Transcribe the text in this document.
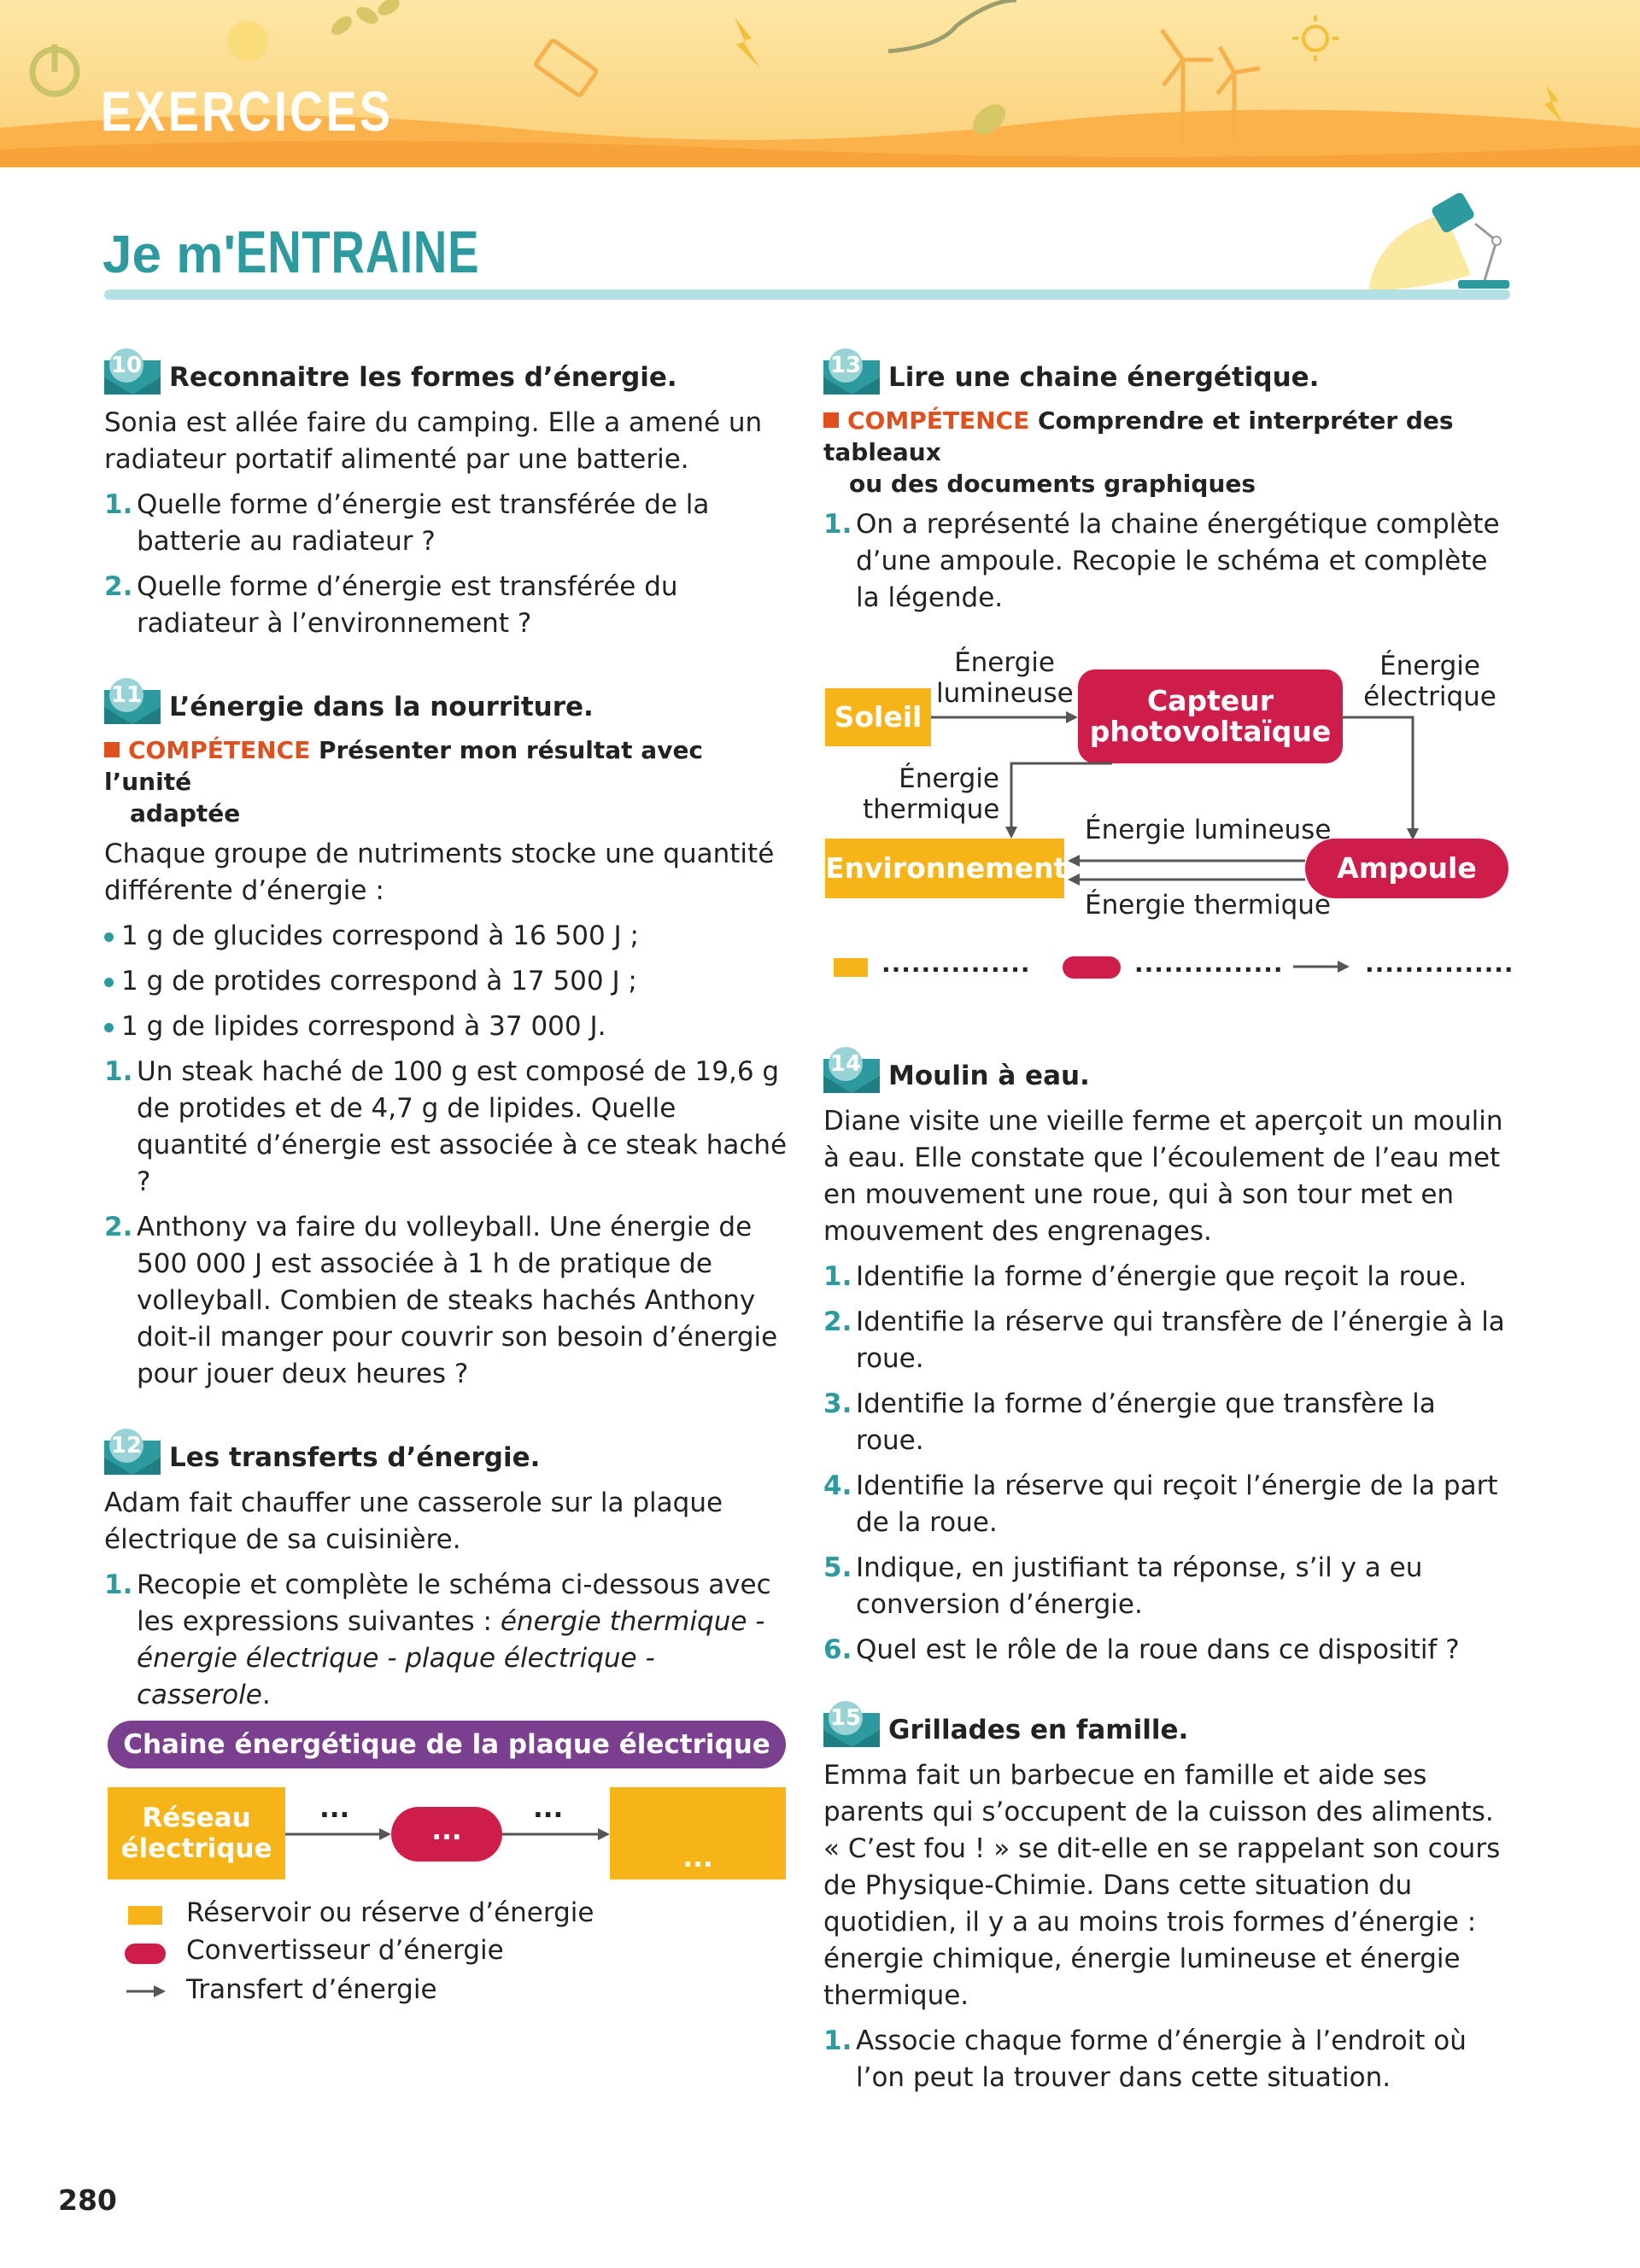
EXERCICES
Je m'ENTRAINE
10 Reconnaitre les formes d’énergie.

Sonia est allée faire du camping. Elle a amené un radiateur portatif alimenté par une batterie.

1. Quelle forme d’énergie est transférée de la batterie au radiateur ?
2. Quelle forme d’énergie est transférée du radiateur à l’environnement ?
11 L’énergie dans la nourriture.
COMPÉTENCE Présenter mon résultat avec l’unité
adaptée

Chaque groupe de nutriments stocke une quantité différente d’énergie :

1 g de glucides correspond à 16 500 J ;
1 g de protides correspond à 17 500 J ;
1 g de lipides correspond à 37 000 J.
1. Un steak haché de 100 g est composé de 19,6 g de protides et de 4,7 g de lipides. Quelle quantité d’énergie est associée à ce steak haché ?
2. Anthony va faire du volleyball. Une énergie de 500 000 J est associée à 1 h de pratique de volleyball. Combien de steaks hachés Anthony doit-il manger pour couvrir son besoin d’énergie pour jouer deux heures ?
12 Les transferts d’énergie.

Adam fait chauffer une casserole sur la plaque électrique de sa cuisinière.

1. Recopie et complète le schéma ci-dessous avec les expressions suivantes : énergie thermique - énergie électrique - plaque électrique - casserole.
Chaine énergétique de la plaque électrique
Réseau électrique
...
...
...	...
Réservoir ou réserve d’énergie
Convertisseur d’énergie
Transfert d’énergie
13 Lire une chaine énergétique.
COMPÉTENCE Comprendre et interpréter des tableaux
ou des documents graphiques
1. On a représenté la chaine énergétique complète d’une ampoule. Recopie le schéma et complète la légende.
Soleil	Capteur
photovoltaïque
Environnement	Ampoule
Énergie
lumineuse
Énergie
électrique
Énergie
thermique
Énergie lumineuse
Énergie thermique
...............	...............	...............
14 Moulin à eau.

Diane visite une vieille ferme et aperçoit un moulin à eau. Elle constate que l’écoulement de l’eau met en mouvement une roue, qui à son tour met en mouvement des engrenages.

1. Identifie la forme d’énergie que reçoit la roue.
2. Identifie la réserve qui transfère de l’énergie à la roue.
3. Identifie la forme d’énergie que transfère la roue.
4. Identifie la réserve qui reçoit l’énergie de la part de la roue.
5. Indique, en justifiant ta réponse, s’il y a eu conversion d’énergie.
6. Quel est le rôle de la roue dans ce dispositif ?
15 Grillades en famille.

Emma fait un barbecue en famille et aide ses parents qui s’occupent de la cuisson des aliments. « C’est fou ! » se dit-elle en se rappelant son cours de Physique-Chimie. Dans cette situation du quotidien, il y a au moins trois formes d’énergie : énergie chimique, énergie lumineuse et énergie thermique.

1. Associe chaque forme d’énergie à l’endroit où l’on peut la trouver dans cette situation.
280
